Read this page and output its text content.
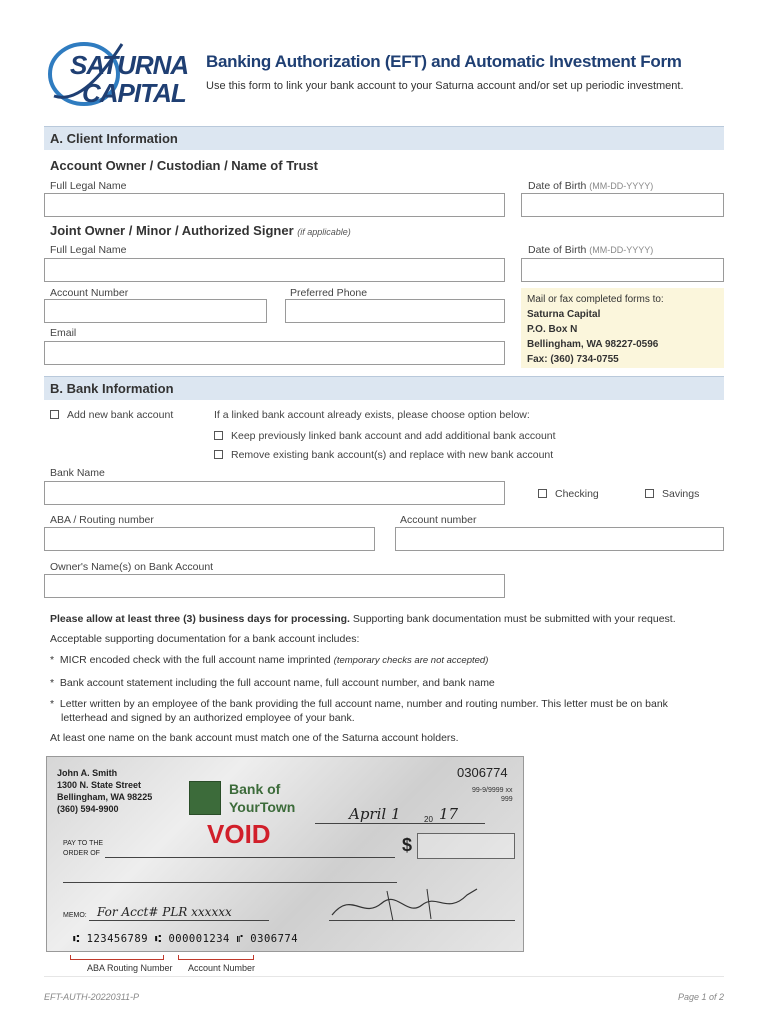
SATURNA
CAPITAL
Banking Authorization (EFT) and Automatic Investment Form
Use this form to link your bank account to your Saturna account and/or set up periodic investment.
A. Client Information
Account Owner / Custodian / Name of Trust
Full Legal Name	Date of Birth (MM-DD-YYYY)
Joint Owner / Minor / Authorized Signer (if applicable)
Full Legal Name	Date of Birth (MM-DD-YYYY)
Account Number	Preferred Phone
Mail or fax completed forms to:
Saturna Capital
P.O. Box N
Bellingham, WA 98227-0596
Fax: (360) 734-0755
Email
B. Bank Information
Add new bank account	If a linked bank account already exists, please choose option below:
Keep previously linked bank account and add additional bank account
Remove existing bank account(s) and replace with new bank account
Bank Name
Checking	Savings
ABA / Routing number	Account number
Owner's Name(s) on Bank Account
Please allow at least three (3) business days for processing. Supporting bank documentation must be submitted with your request.
Acceptable supporting documentation for a bank account includes:
*  MICR encoded check with the full account name imprinted (temporary checks are not accepted)
*  Bank account statement including the full account name, full account number, and bank name
*  Letter written by an employee of the bank providing the full account name, number and routing number. This letter must be on bank
letterhead and signed by an authorized employee of your bank.
At least one name on the bank account must match one of the Saturna account holders.
John A. Smith
1300 N. State Street
Bellingham, WA 98225
(360) 594-9900
0306774
99-9/9999 xx
999
Bank of
YourTown
VOID
April 1	20 17
PAY TO THE
ORDER OF	$
MEMO: For Acct# PLR xxxxxx
⑆ 123456789 ⑆ 000001234 ⑈ 0306774
ABA Routing Number Account Number
EFT-AUTH-20220311-P	Page 1 of 2
